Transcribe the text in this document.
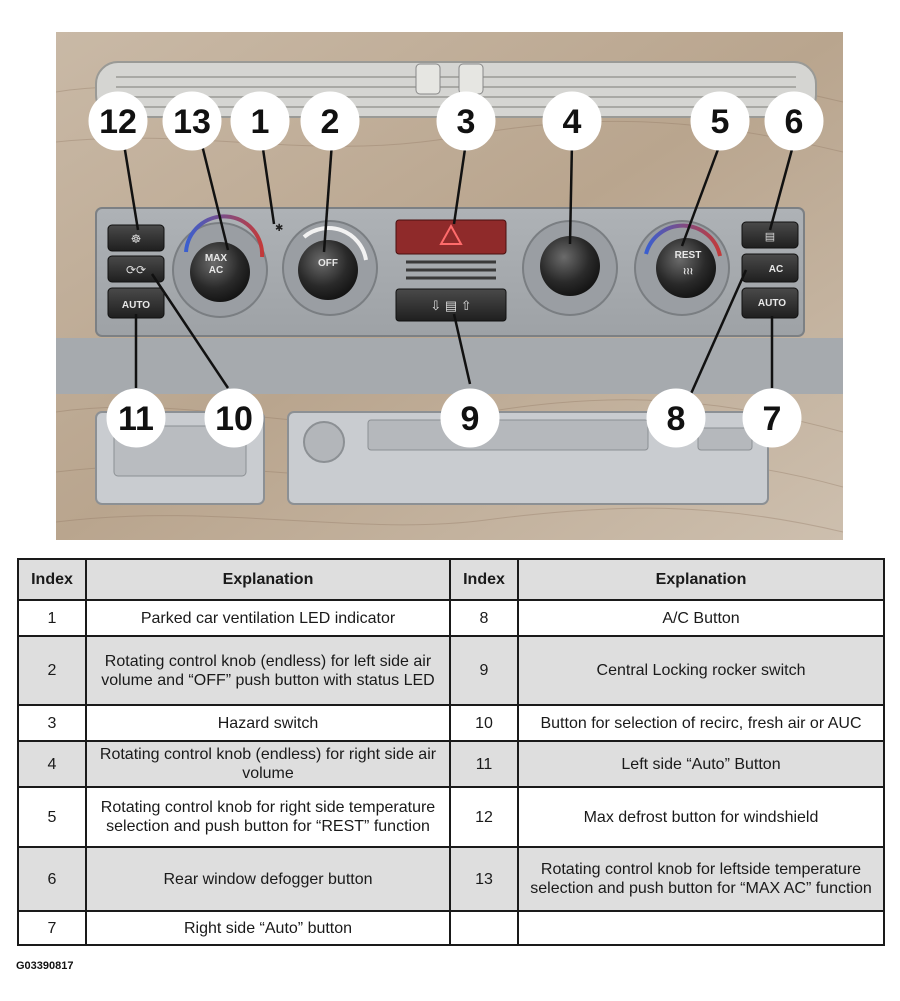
☸
⟳⟳
AUTO
MAX
AC
✱
OFF
⇩ ▤ ⇧
REST
≀≀≀
▤
AC
AUTO
12 13 1 2	3	4	5 6
11 10	9	8 7
Index	Explanation	Index	Explanation
1	Parked car ventilation LED indicator	8	A/C Button
2	Rotating control knob (endless) for left side air volume and “OFF” push button with status LED	9	Central Locking rocker switch
3	Hazard switch	10	Button for selection of recirc, fresh air or AUC
4	Rotating control knob (endless) for right side air volume	11	Left side “Auto” Button
5	Rotating control knob for right side temperature selection and push button for “REST” function	12	Max defrost button for windshield
6	Rear window defogger button	13	Rotating control knob for leftside temperature selection and push button for “MAX AC” function
7	Right side “Auto” button		
G03390817
